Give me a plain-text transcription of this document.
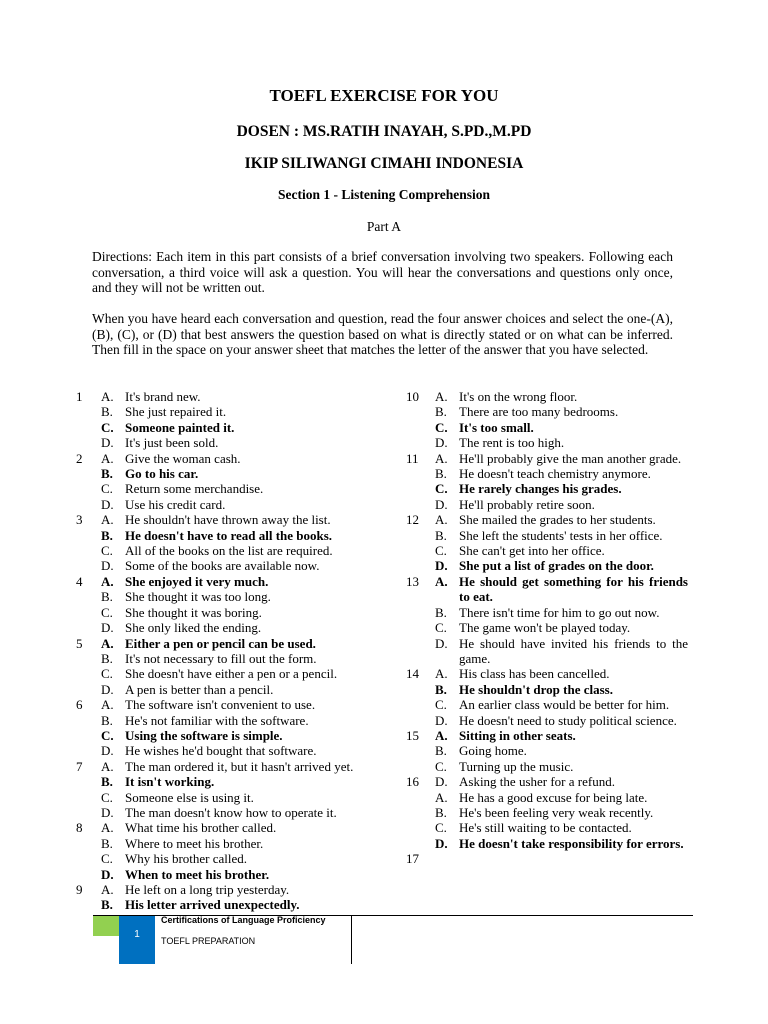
TOEFL EXERCISE FOR YOU
DOSEN : MS.RATIH INAYAH, S.PD.,M.PD
IKIP SILIWANGI CIMAHI INDONESIA
Section 1 - Listening Comprehension
Part A

Directions: Each item in this part consists of a brief conversation involving two speakers. Following each conversation, a third voice will ask a question. You will hear the conversations and questions only once, and they will not be written out.

When you have heard each conversation and question, read the four answer choices and select the one-(A), (B), (C), or (D) that best answers the question based on what is directly stated or on what can be inferred. Then fill in the space on your answer sheet that matches the letter of the answer that you have selected.

1	A. It's brand new.
B. She just repaired it.
C. Someone painted it.
D. It's just been sold.
2	A. Give the woman cash.
B. Go to his car.
C. Return some merchandise.
D. Use his credit card.
3	A. He shouldn't have thrown away the list.
B. He doesn't have to read all the books.
C. All of the books on the list are required.
D. Some of the books are available now.
4	A. She enjoyed it very much.
B. She thought it was too long.
C. She thought it was boring.
D. She only liked the ending.
5	A. Either a pen or pencil can be used.
B. It's not necessary to fill out the form.
C. She doesn't have either a pen or a pencil.
D. A pen is better than a pencil.
6	A. The software isn't convenient to use.
B. He's not familiar with the software.
C. Using the software is simple.
D. He wishes he'd bought that software.
7	A. The man ordered it, but it hasn't arrived yet.
B. It isn't working.
C. Someone else is using it.
D. The man doesn't know how to operate it.
8	A. What time his brother called.
B. Where to meet his brother.
C. Why his brother called.
D. When to meet his brother.
9	A. He left on a long trip yesterday.
B. His letter arrived unexpectedly.
10	A. It's on the wrong floor.
B. There are too many bedrooms.
C. It's too small.
D. The rent is too high.
11	A. He'll probably give the man another grade.
B. He doesn't teach chemistry anymore.
C. He rarely changes his grades.
D. He'll probably retire soon.
12	A. She mailed the grades to her students.
B. She left the students' tests in her office.
C. She can't get into her office.
D. She put a list of grades on the door.
13	A. He should get something for his friends to eat.
B. There isn't time for him to go out now.
C. The game won't be played today.
D. He should have invited his friends to the game.
14	A. His class has been cancelled.
B. He shouldn't drop the class.
C. An earlier class would be better for him.
D. He doesn't need to study political science.
15	A. Sitting in other seats.
B. Going home.
C. Turning up the music.
16	D. Asking the usher for a refund.
A. He has a good excuse for being late.
B. He's been feeling very weak recently.
C. He's still waiting to be contacted.
D. He doesn't take responsibility for errors.
17
1
Certifications of Language Proficiency
TOEFL PREPARATION
